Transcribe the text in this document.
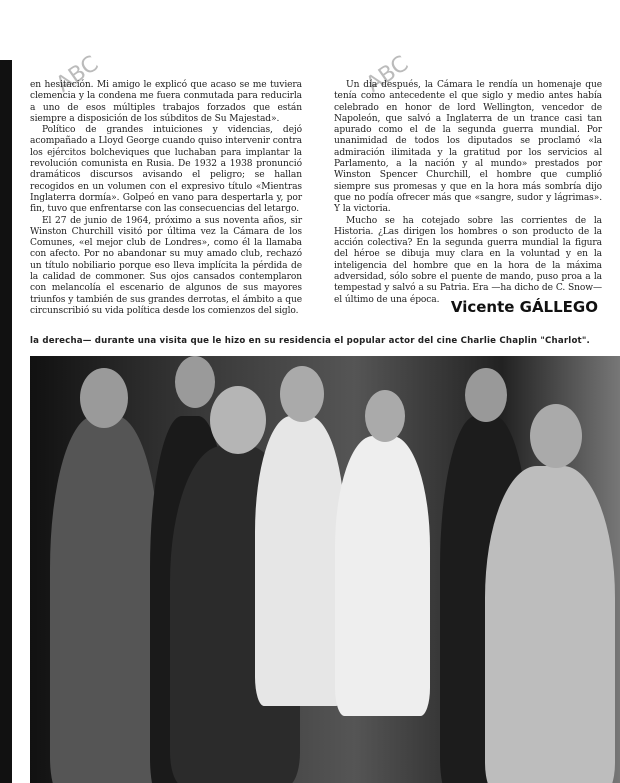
ABC	ABC

en hesitación. Mi amigo le explicó que acaso se me tuviera clemencia y la condena me fuera conmutada para reducirla a uno de esos múltiples trabajos forzados que están siempre a disposición de los súbditos de Su Majestad».

Político de grandes intuiciones y videncias, dejó acompañado a Lloyd George cuando quiso intervenir contra los ejércitos bolcheviques que luchaban para implantar la revolución comunista en Rusia. De 1932 a 1938 pronunció dramáticos discursos avisando el peligro; se hallan recogidos en un volumen con el expresivo título «Mientras Inglaterra dormía». Golpeó en vano para despertarla y, por fin, tuvo que enfrentarse con las consecuencias del letargo.

El 27 de junio de 1964, próximo a sus noventa años, sir Winston Churchill visitó por última vez la Cámara de los Comunes, «el mejor club de Londres», como él la llamaba con afecto. Por no abandonar su muy amado club, rechazó un título nobiliario porque eso lleva implícita la pérdida de la calidad de commoner. Sus ojos cansados contemplaron con melancolía el escenario de algunos de sus mayores triunfos y también de sus grandes derrotas, el ámbito a que circunscribió su vida política desde los comienzos del siglo.

Un día después, la Cámara le rendía un homenaje que tenía como antecedente el que siglo y medio antes había celebrado en honor de lord Wellington, vencedor de Napoleón, que salvó a Inglaterra de un trance casi tan apurado como el de la segunda guerra mundial. Por unanimidad de todos los diputados se proclamó «la admiración ilimitada y la gratitud por los servicios al Parlamento, a la nación y al mundo» prestados por Winston Spencer Churchill, el hombre que cumplió siempre sus promesas y que en la hora más sombría dijo que no podía ofrecer más que «sangre, sudor y lágrimas». Y la victoria.

Mucho se ha cotejado sobre las corrientes de la Historia. ¿Las dirigen los hombres o son producto de la acción colectiva? En la segunda guerra mundial la figura del héroe se dibuja muy clara en la voluntad y en la inteligencia del hombre que en la hora de la máxima adversidad, sólo sobre el puente de mando, puso proa a la tempestad y salvó a su Patria. Era —ha dicho de C. Snow— el último de una época. Vicente GÁLLEGO
la derecha— durante una visita que le hizo en su residencia el popular actor del cine Charlie Chaplin "Charlot".
